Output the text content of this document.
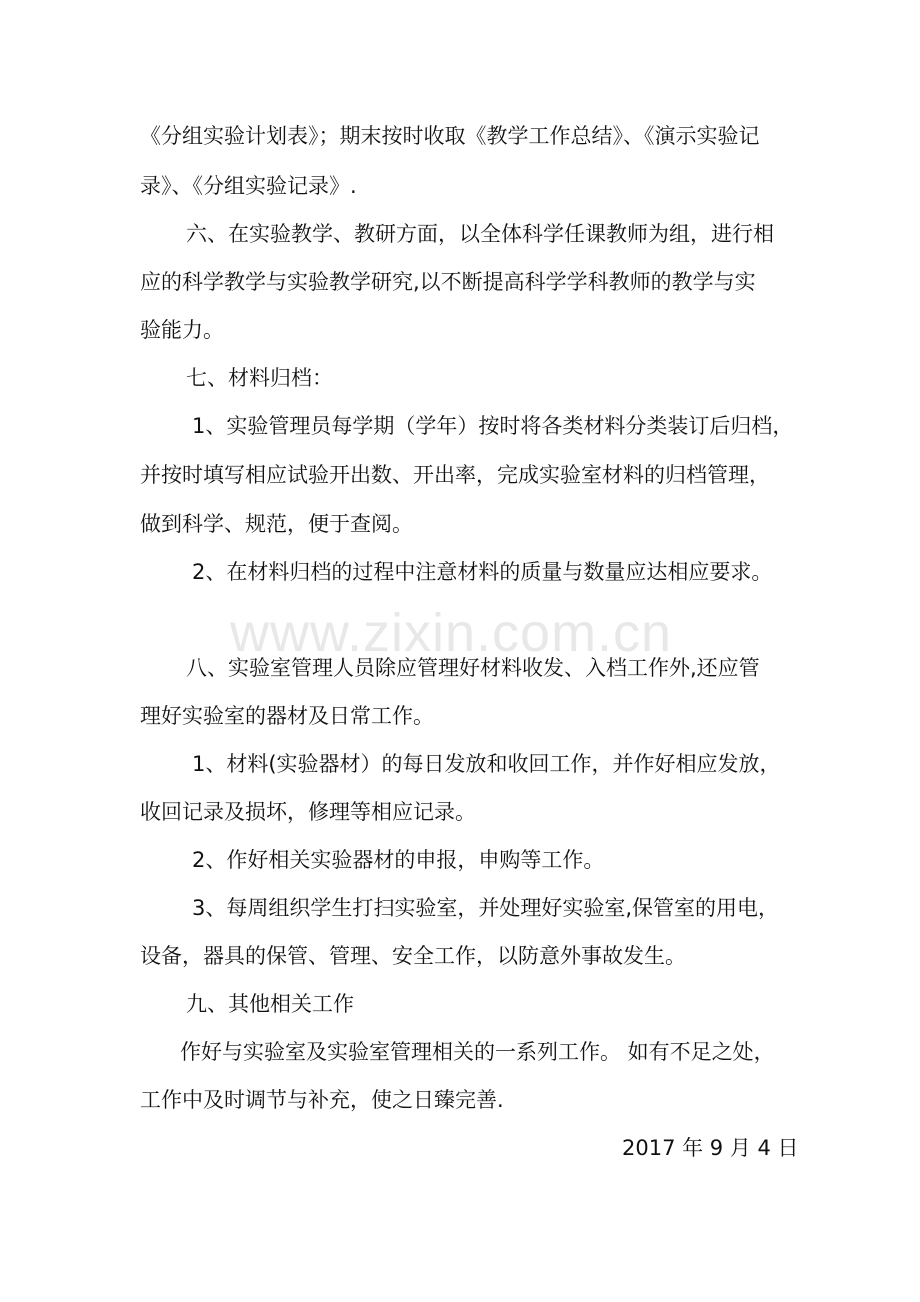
《分组实验计划表》；期末按时收取《教学工作总结》、《演示实验记
录》、《分组实验记录》.
六、在实验教学、教研方面，以全体科学任课教师为组，进行相
应的科学教学与实验教学研究,以不断提高科学学科教师的教学与实
验能力。
七、材料归档：
1、实验管理员每学期（学年）按时将各类材料分类装订后归档，
并按时填写相应试验开出数、开出率，完成实验室材料的归档管理，
做到科学、规范，便于查阅。
2、在材料归档的过程中注意材料的质量与数量应达相应要求。
八、实验室管理人员除应管理好材料收发、入档工作外,还应管
理好实验室的器材及日常工作。
1、材料(实验器材）的每日发放和收回工作，并作好相应发放，
收回记录及损坏，修理等相应记录。
2、作好相关实验器材的申报，申购等工作。
3、每周组织学生打扫实验室，并处理好实验室,保管室的用电，
设备，器具的保管、管理、安全工作，以防意外事故发生。
九、其他相关工作
作好与实验室及实验室管理相关的一系列工作。 如有不足之处，
工作中及时调节与补充，使之日臻完善.
2017 年 9 月 4 日
www.zixin.com.cn
